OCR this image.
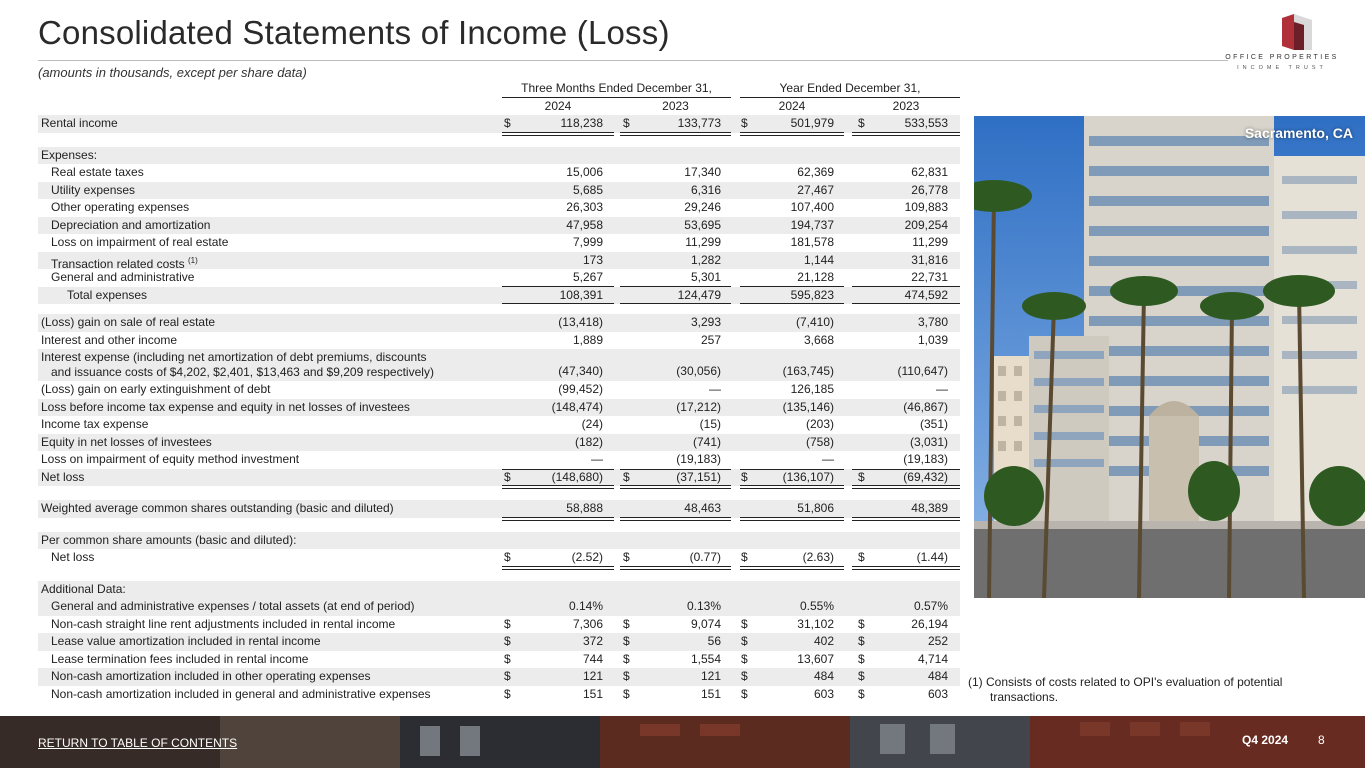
Consolidated Statements of Income (Loss)
(amounts in thousands, except per share data)
OFFICE PROPERTIES
INCOME TRUST
Three Months Ended December 31,	Year Ended December 31,
2024	2023	2024	2023
Rental income	$	118,238 $	133,773 $	501,979 $	533,553
Expenses:
Real estate taxes	15,006	17,340	62,369	62,831
Utility expenses	5,685	6,316	27,467	26,778
Other operating expenses	26,303	29,246	107,400	109,883
Depreciation and amortization	47,958	53,695	194,737	209,254
Loss on impairment of real estate	7,999	11,299	181,578	11,299
Transaction related costs $^{(1)}$	173	1,282	1,144	31,816
General and administrative	5,267	5,301	21,128	22,731
Total expenses	108,391	124,479	595,823	474,592
(Loss) gain on sale of real estate	(13,418)	3,293	(7,410)	3,780
Interest and other income	1,889	257	3,668	1,039
Interest expense (including net amortization of debt premiums, discounts
and issuance costs of $4,202, $2,401, $13,463 and $9,209 respectively)	(47,340)	(30,056)	(163,745)	(110,647)
(Loss) gain on early extinguishment of debt	(99,452)	—	126,185	—
Loss before income tax expense and equity in net losses of investees	(148,474)	(17,212)	(135,146)	(46,867)
Income tax expense	(24)	(15)	(203)	(351)
Equity in net losses of investees	(182)	(741)	(758)	(3,031)
Loss on impairment of equity method investment	—	(19,183)	—	(19,183)
Net loss	$	(148,680) $	(37,151) $	(136,107) $	(69,432)
Weighted average common shares outstanding (basic and diluted)	58,888	48,463	51,806	48,389
Per common share amounts (basic and diluted):
Net loss	$	(2.52) $	(0.77) $	(2.63) $	(1.44)
Additional Data:
General and administrative expenses / total assets (at end of period)	0.14%	0.13%	0.55%	0.57%
Non-cash straight line rent adjustments included in rental income	$	7,306 $	9,074 $	31,102 $	26,194
Lease value amortization included in rental income	$	372 $	56 $	402 $	252
Lease termination fees included in rental income	$	744 $	1,554 $	13,607 $	4,714
Non-cash amortization included in other operating expenses	$	121 $	121 $	484 $	484
Non-cash amortization included in general and administrative expenses	$	151 $	151 $	603 $	603
Sacramento, CA
(1) Consists of costs related to OPI's evaluation of potential
transactions.
RETURN TO TABLE OF CONTENTS	Q4 2024 8
